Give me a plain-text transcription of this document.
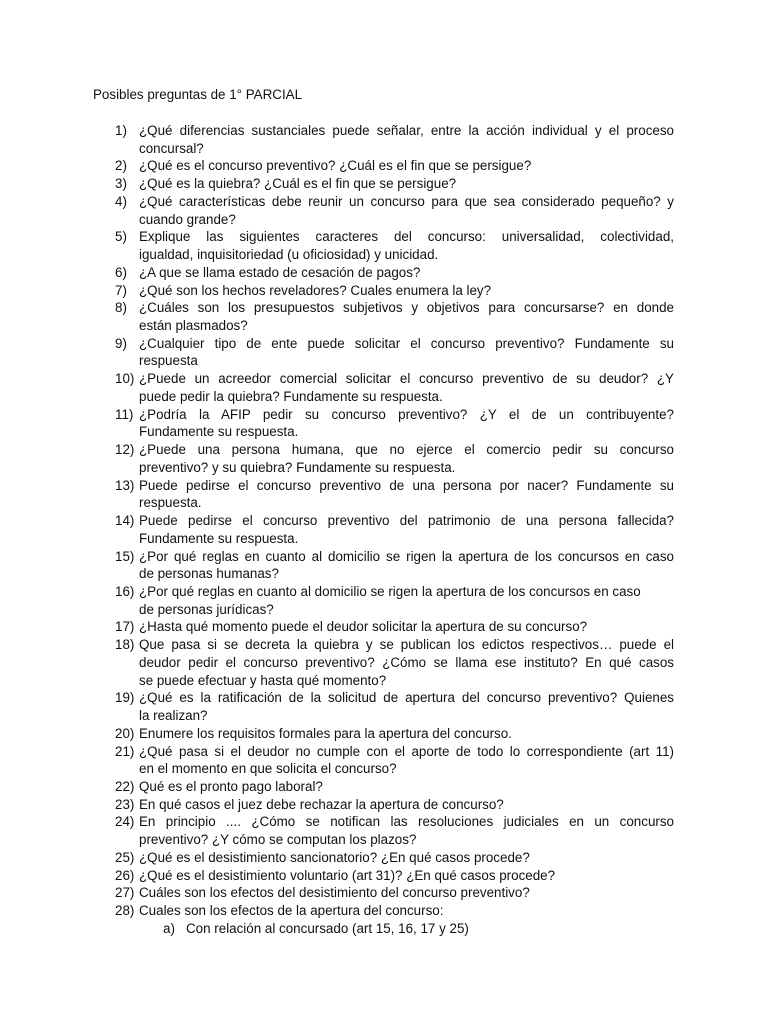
Posibles preguntas de 1° PARCIAL
1) ¿Qué diferencias sustanciales puede señalar, entre la acción individual y el proceso
concursal?
2) ¿Qué es el concurso preventivo? ¿Cuál es el fin que se persigue?
3) ¿Qué es la quiebra? ¿Cuál es el fin que se persigue?
4) ¿Qué características debe reunir un concurso para que sea considerado pequeño? y
cuando grande?
5) Explique las siguientes caracteres del concurso: universalidad, colectividad,
igualdad, inquisitoriedad (u oficiosidad) y unicidad.
6) ¿A que se llama estado de cesación de pagos?
7) ¿Qué son los hechos reveladores? Cuales enumera la ley?
8) ¿Cuáles son los presupuestos subjetivos y objetivos para concursarse? en donde
están plasmados?
9) ¿Cualquier tipo de ente puede solicitar el concurso preventivo? Fundamente su
respuesta
10) ¿Puede un acreedor comercial solicitar el concurso preventivo de su deudor? ¿Y
puede pedir la quiebra? Fundamente su respuesta.
11) ¿Podría la AFIP pedir su concurso preventivo? ¿Y el de un contribuyente?
Fundamente su respuesta.
12) ¿Puede una persona humana, que no ejerce el comercio pedir su concurso
preventivo? y su quiebra? Fundamente su respuesta.
13) Puede pedirse el concurso preventivo de una persona por nacer? Fundamente su
respuesta.
14) Puede pedirse el concurso preventivo del patrimonio de una persona fallecida?
Fundamente su respuesta.
15) ¿Por qué reglas en cuanto al domicilio se rigen la apertura de los concursos en caso
de personas humanas?
16) ¿Por qué reglas en cuanto al domicilio se rigen la apertura de los concursos en caso
de personas jurídicas?
17) ¿Hasta qué momento puede el deudor solicitar la apertura de su concurso?
18) Que pasa si se decreta la quiebra y se publican los edictos respectivos… puede el
deudor pedir el concurso preventivo? ¿Cómo se llama ese instituto? En qué casos
se puede efectuar y hasta qué momento?
19) ¿Qué es la ratificación de la solicitud de apertura del concurso preventivo? Quienes
la realizan?
20) Enumere los requisitos formales para la apertura del concurso.
21) ¿Qué pasa si el deudor no cumple con el aporte de todo lo correspondiente (art 11)
en el momento en que solicita el concurso?
22) Qué es el pronto pago laboral?
23) En qué casos el juez debe rechazar la apertura de concurso?
24) En principio .... ¿Cómo se notifican las resoluciones judiciales en un concurso
preventivo? ¿Y cómo se computan los plazos?
25) ¿Qué es el desistimiento sancionatorio? ¿En qué casos procede?
26) ¿Qué es el desistimiento voluntario (art 31)? ¿En qué casos procede?
27) Cuáles son los efectos del desistimiento del concurso preventivo?
28) Cuales son los efectos de la apertura del concurso:
a) Con relación al concursado (art 15, 16, 17 y 25)
